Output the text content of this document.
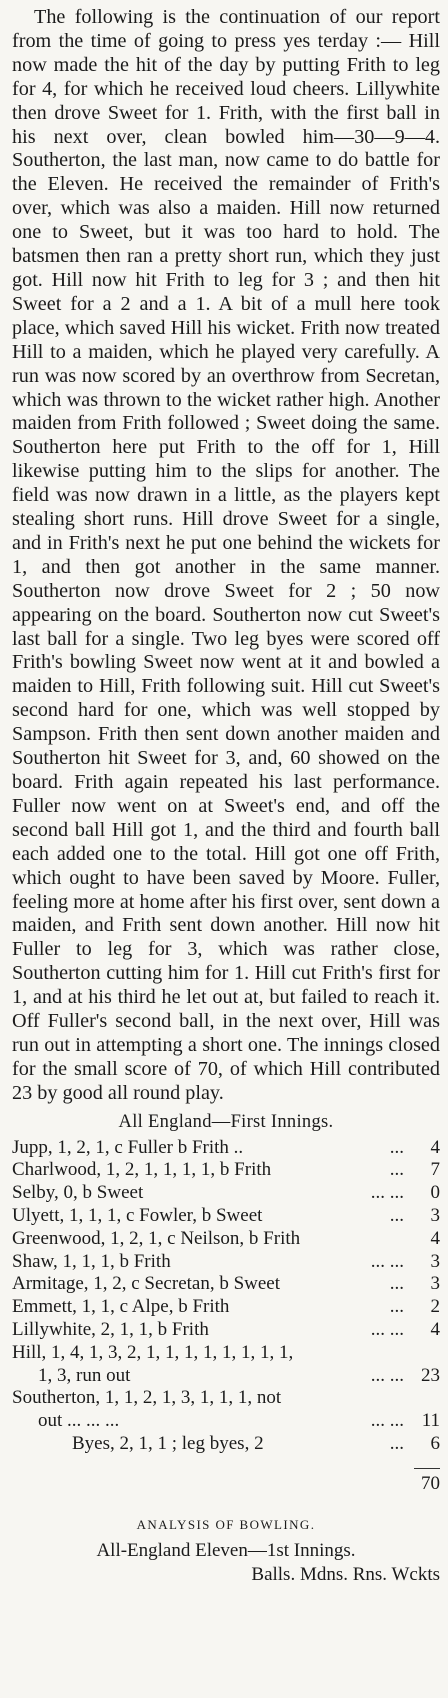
The following is the continuation of our report from the time of going to press yes terday :— Hill now made the hit of the day by putting Frith to leg for 4, for which he received loud cheers. Lillywhite then drove Sweet for 1. Frith, with the first ball in his next over, clean bowled him—30—9—4. Southerton, the last man, now came to do battle for the Eleven. He received the remainder of Frith's over, which was also a maiden. Hill now returned one to Sweet, but it was too hard to hold. The batsmen then ran a pretty short run, which they just got. Hill now hit Frith to leg for 3 ; and then hit Sweet for a 2 and a 1. A bit of a mull here took place, which saved Hill his wicket. Frith now treated Hill to a maiden, which he played very carefully. A run was now scored by an overthrow from Secretan, which was thrown to the wicket rather high. Another maiden from Frith followed ; Sweet doing the same. Southerton here put Frith to the off for 1, Hill likewise putting him to the slips for another. The field was now drawn in a little, as the players kept stealing short runs. Hill drove Sweet for a single, and in Frith's next he put one behind the wickets for 1, and then got another in the same manner. Southerton now drove Sweet for 2 ; 50 now appearing on the board. Southerton now cut Sweet's last ball for a single. Two leg byes were scored off Frith's bowling Sweet now went at it and bowled a maiden to Hill, Frith following suit. Hill cut Sweet's second hard for one, which was well stopped by Sampson. Frith then sent down another maiden and Southerton hit Sweet for 3, and, 60 showed on the board. Frith again repeated his last performance. Fuller now went on at Sweet's end, and off the second ball Hill got 1, and the third and fourth ball each added one to the total. Hill got one off Frith, which ought to have been saved by Moore. Fuller, feeling more at home after his first over, sent down a maiden, and Frith sent down another. Hill now hit Fuller to leg for 3, which was rather close, Southerton cutting him for 1. Hill cut Frith's first for 1, and at his third he let out at, but failed to reach it. Off Fuller's second ball, in the next over, Hill was run out in attempting a short one. The innings closed for the small score of 70, of which Hill contributed 23 by good all round play.

All England—First Innings.
Jupp, 1, 2, 1, c Fuller b Frith ..	...	4
Charlwood, 1, 2, 1, 1, 1, 1, b Frith	...	7
Selby, 0, b Sweet	... ...	0
Ulyett, 1, 1, 1, c Fowler, b Sweet	...	3
Greenwood, 1, 2, 1, c Neilson, b Frith		4
Shaw, 1, 1, 1, b Frith	... ...	3
Armitage, 1, 2, c Secretan, b Sweet	...	3
Emmett, 1, 1, c Alpe, b Frith	...	2
Lillywhite, 2, 1, 1, b Frith	... ...	4
Hill, 1, 4, 1, 3, 2, 1, 1, 1, 1, 1, 1, 1, 1,		
1, 3, run out	... ...	23
Southerton, 1, 1, 2, 1, 3, 1, 1, 1, not		
out ... ... ...	... ...	11
Byes, 2, 1, 1 ; leg byes, 2	...	6
70
ANALYSIS OF BOWLING.
All-England Eleven—1st Innings.
Balls. Mdns. Rns. Wckts
